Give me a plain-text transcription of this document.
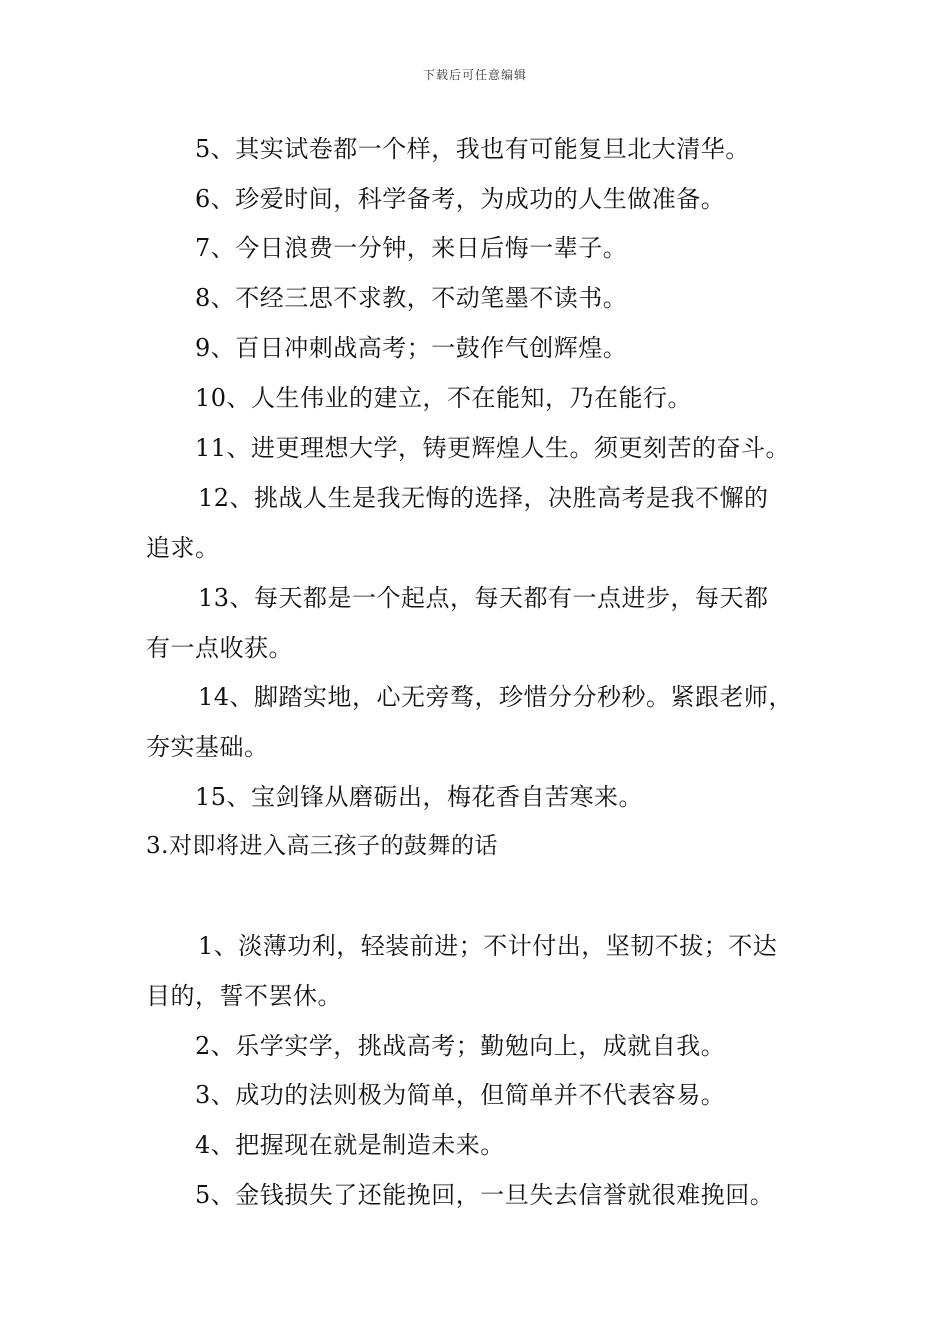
下载后可任意编辑
5、其实试卷都一个样，我也有可能复旦北大清华。
6、珍爱时间，科学备考，为成功的人生做准备。
7、今日浪费一分钟，来日后悔一辈子。
8、不经三思不求教，不动笔墨不读书。
9、百日冲刺战高考；一鼓作气创辉煌。
10、人生伟业的建立，不在能知，乃在能行。
11、进更理想大学，铸更辉煌人生。须更刻苦的奋斗。
12、挑战人生是我无悔的选择，决胜高考是我不懈的
追求。
13、每天都是一个起点，每天都有一点进步，每天都
有一点收获。
14、脚踏实地，心无旁骛，珍惜分分秒秒。紧跟老师，
夯实基础。
15、宝剑锋从磨砺出，梅花香自苦寒来。
3.对即将进入高三孩子的鼓舞的话
1、淡薄功利，轻装前进；不计付出，坚韧不拔；不达
目的，誓不罢休。
2、乐学实学，挑战高考；勤勉向上，成就自我。
3、成功的法则极为简单，但简单并不代表容易。
4、把握现在就是制造未来。
5、金钱损失了还能挽回，一旦失去信誉就很难挽回。
